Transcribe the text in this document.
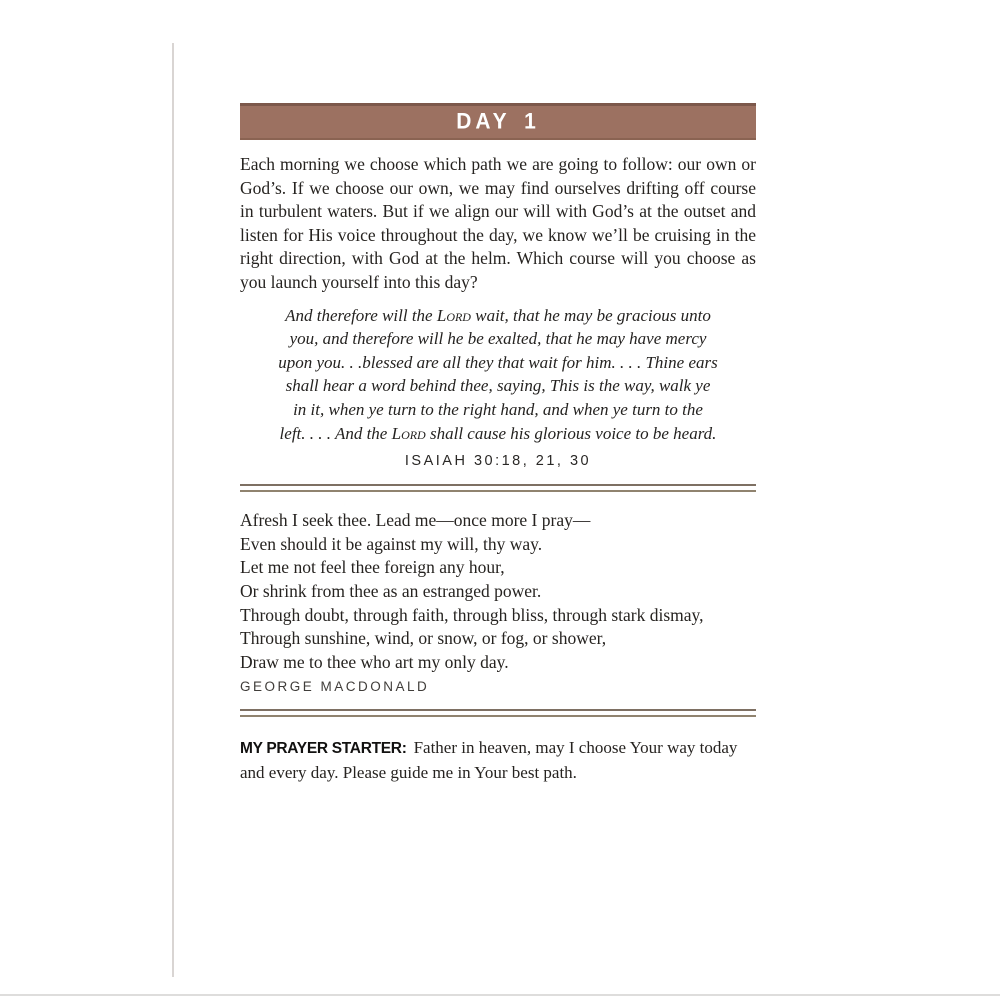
DAY 1

Each morning we choose which path we are going to follow: our own or God’s. If we choose our own, we may find ourselves drifting off course in turbulent waters. But if we align our will with God’s at the outset and listen for His voice throughout the day, we know we’ll be cruising in the right direction, with God at the helm. Which course will you choose as you launch yourself into this day?

And therefore will the Lord wait, that he may be gracious unto
you, and therefore will he be exalted, that he may have mercy
upon you. . .blessed are all they that wait for him. . . . Thine ears
shall hear a word behind thee, saying, This is the way, walk ye
in it, when ye turn to the right hand, and when ye turn to the
left. . . . And the Lord shall cause his glorious voice to be heard.
ISAIAH 30:18, 21, 30
Afresh I seek thee. Lead me—once more I pray—
Even should it be against my will, thy way.
Let me not feel thee foreign any hour,
Or shrink from thee as an estranged power.
Through doubt, through faith, through bliss, through stark dismay,
Through sunshine, wind, or snow, or fog, or shower,
Draw me to thee who art my only day.
GEORGE MACDONALD

MY PRAYER STARTER: Father in heaven, may I choose Your way today and every day. Please guide me in Your best path.
